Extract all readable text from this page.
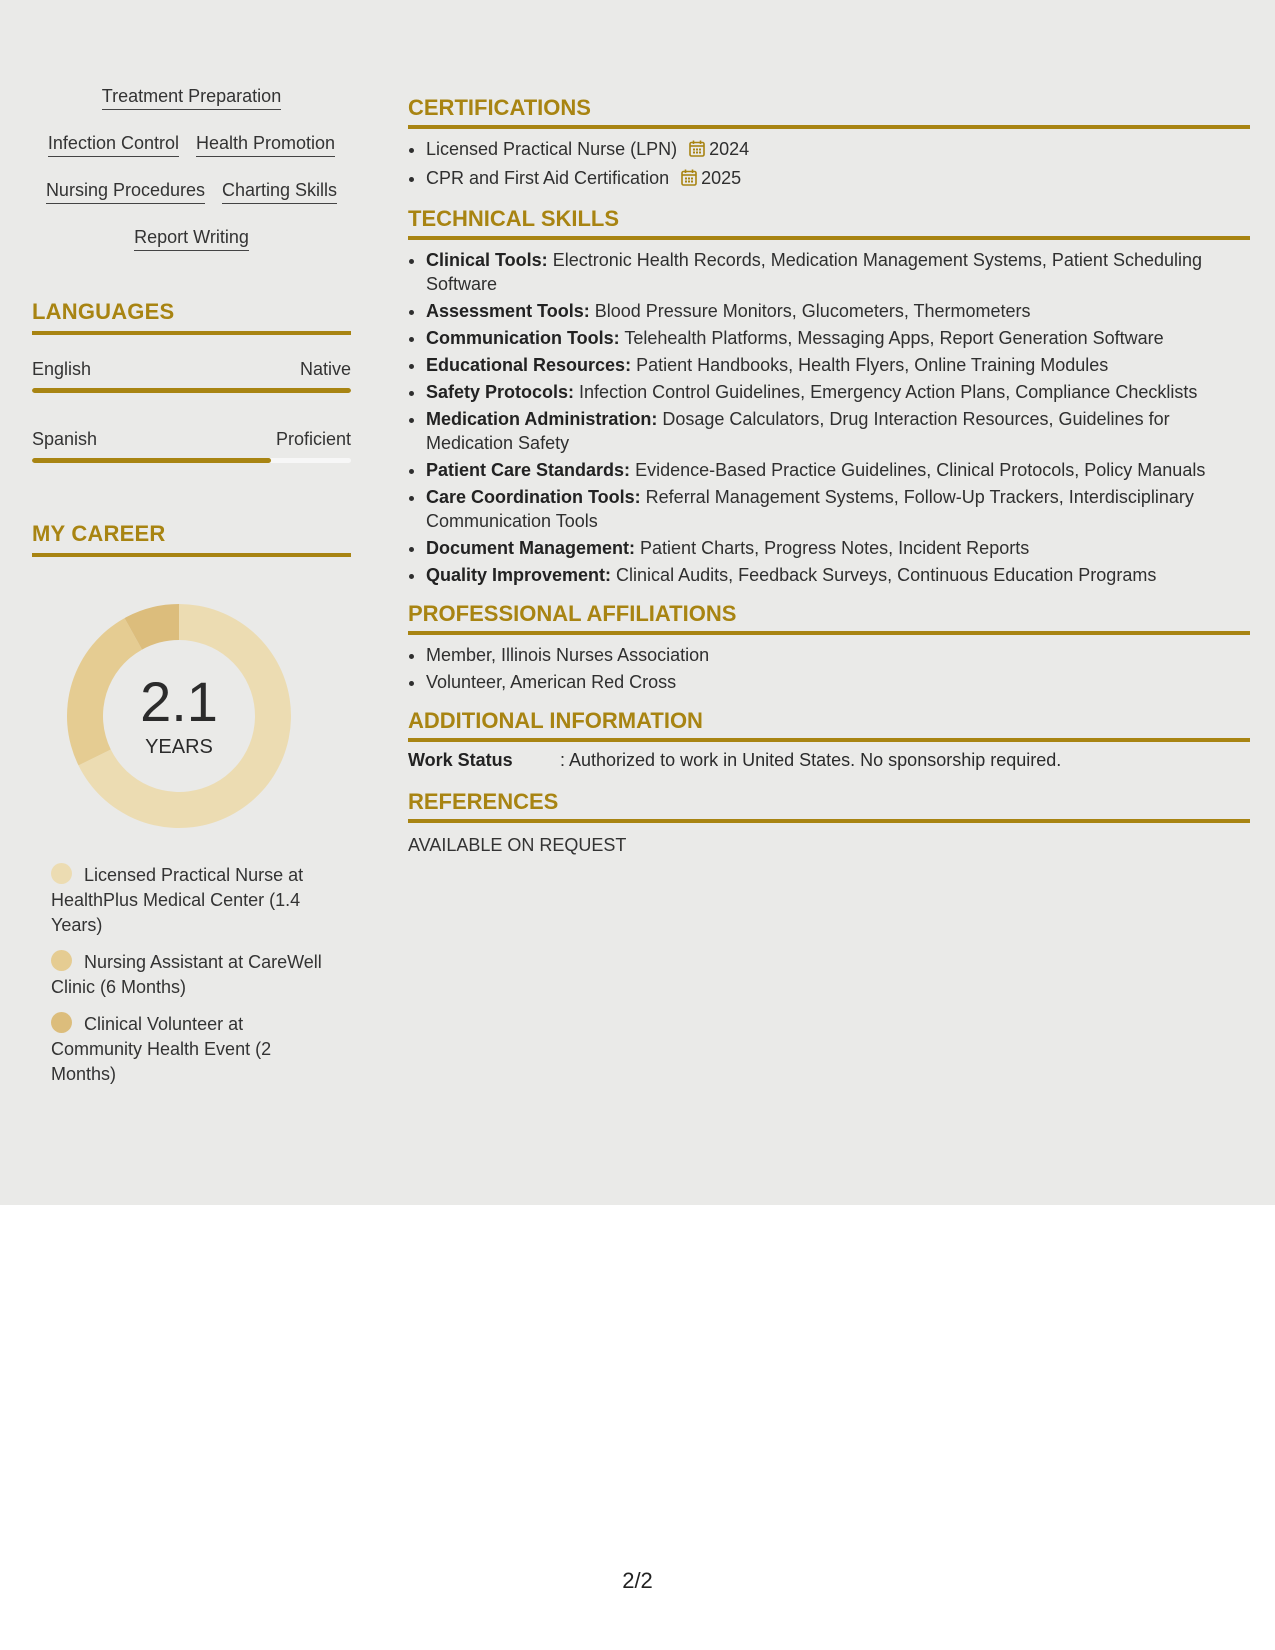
Treatment Preparation
Infection Control Health Promotion
Nursing Procedures Charting Skills
Report Writing
LANGUAGES
English	Native
Spanish	Proficient
MY CAREER
2.1
YEARS
Licensed Practical Nurse at HealthPlus Medical Center (1.4 Years)
Nursing Assistant at CareWell Clinic (6 Months)
Clinical Volunteer at Community Health Event (2 Months)
CERTIFICATIONS
• Licensed Practical Nurse (LPN) 2024
• CPR and First Aid Certification 2025
TECHNICAL SKILLS
• Clinical Tools: Electronic Health Records, Medication Management Systems, Patient Scheduling Software
• Assessment Tools: Blood Pressure Monitors, Glucometers, Thermometers
• Communication Tools: Telehealth Platforms, Messaging Apps, Report Generation Software
• Educational Resources: Patient Handbooks, Health Flyers, Online Training Modules
• Safety Protocols: Infection Control Guidelines, Emergency Action Plans, Compliance Checklists
• Medication Administration: Dosage Calculators, Drug Interaction Resources, Guidelines for Medication Safety
• Patient Care Standards: Evidence-Based Practice Guidelines, Clinical Protocols, Policy Manuals
• Care Coordination Tools: Referral Management Systems, Follow-Up Trackers, Interdisciplinary Communication Tools
• Document Management: Patient Charts, Progress Notes, Incident Reports
• Quality Improvement: Clinical Audits, Feedback Surveys, Continuous Education Programs
PROFESSIONAL AFFILIATIONS
• Member, Illinois Nurses Association
• Volunteer, American Red Cross
ADDITIONAL INFORMATION
Work Status	: Authorized to work in United States. No sponsorship required.
REFERENCES
AVAILABLE ON REQUEST
2/2
